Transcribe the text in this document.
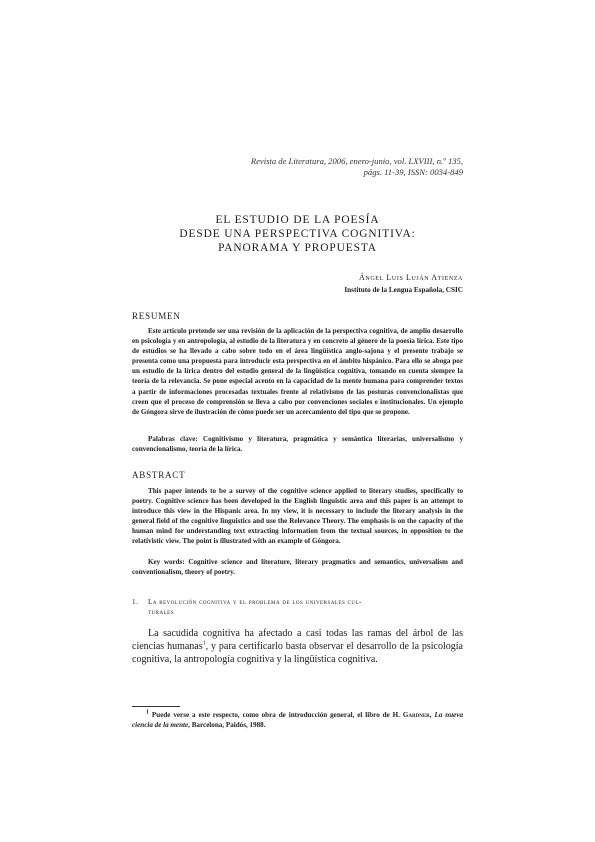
Revista de Literatura, 2006, enero-junio, vol. LXVIII, n.º 135,
págs. 11-39, ISSN: 0034-849
EL ESTUDIO DE LA POESÍA
DESDE UNA PERSPECTIVA COGNITIVA:
PANORAMA Y PROPUESTA
Ángel Luis Luján Atienza
Instituto de la Lengua Española, CSIC
RESUMEN

Este artículo pretende ser una revisión de la aplicación de la perspectiva cognitiva, de amplio desarrollo en psicología y en antropología, al estudio de la literatura y en concreto al género de la poesía lírica. Este tipo de estudios se ha llevado a cabo sobre todo en el área lingüística anglo-sajona y el presente trabajo se presenta como una propuesta para introducir esta perspectiva en el ámbito hispánico. Para ello se aboga por un estudio de la lírica dentro del estudio general de la lingüística cognitiva, tomando en cuenta siempre la teoría de la relevancia. Se pone especial acento en la capacidad de la mente humana para comprender textos a partir de informaciones procesadas textuales frente al relativismo de las posturas convencionalistas que creen que el proceso de comprensión se lleva a cabo por convenciones sociales e institucionales. Un ejemplo de Góngora sirve de ilustración de cómo puede ser un acercamiento del tipo que se propone.

Palabras clave: Cognitivismo y literatura, pragmática y semántica literarias, universalismo y convencionalismo, teoría de la lírica.
ABSTRACT

This paper intends to be a survey of the cognitive science applied to literary studies, specifically to poetry. Cognitive science has been developed in the English linguistic area and this paper is an attempt to introduce this view in the Hispanic area. In my view, it is necessary to include the literary analysis in the general field of the cognitive linguistics and use the Relevance Theory. The emphasis is on the capacity of the human mind for understanding text extracting information from the textual sources, in opposition to the relativistic view. The point is illustrated with an example of Góngora.

Key words: Cognitive science and literature, literary pragmatics and semantics, universalism and conventionalism, theory of poetry.
1. La revolución cognitiva y el problema de los universales cul-
turales
La sacudida cognitiva ha afectado a casi todas las ramas del árbol de las ciencias humanas$^1$, y para certificarlo basta observar el desarrollo de la psicología cognitiva, la antropología cognitiva y la lingüística cognitiva.
$^1$ Puede verse a este respecto, como obra de introducción general, el libro de H. Gardner, La nueva ciencia de la mente, Barcelona, Paidós, 1988.
